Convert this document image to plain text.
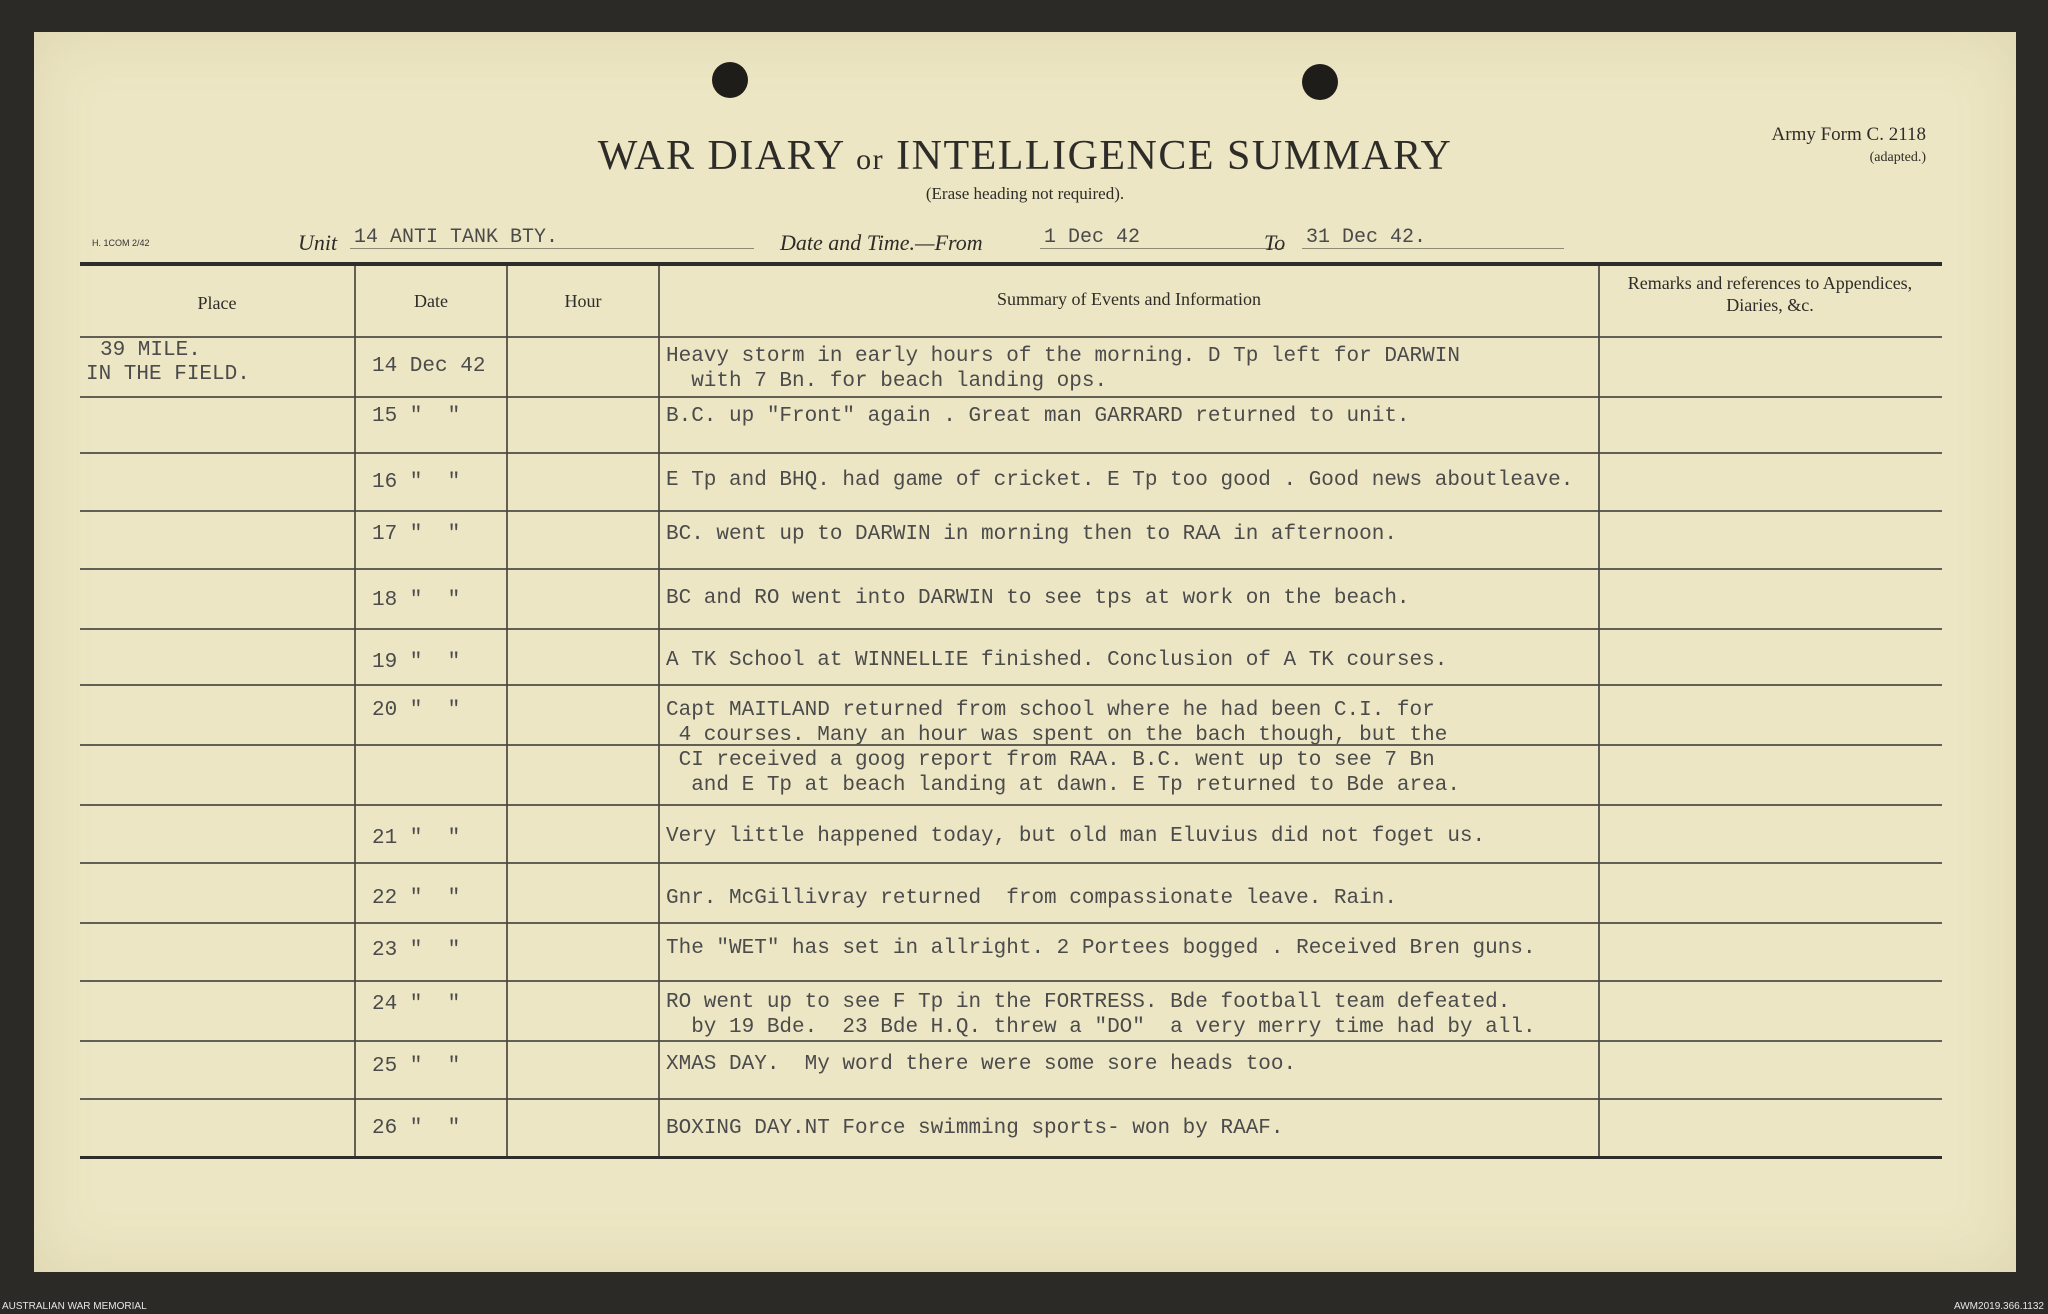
WAR DIARY or INTELLIGENCE SUMMARY
(Erase heading not required).
Army Form C. 2118
(adapted.)
H. 1COM 2/42	Unit 14 ANTI TANK BTY.	Date and Time.—From	1 Dec 42	To 31 Dec 42.
Place	Date	Hour	Summary of Events and Information
Remarks and references to Appendices, Diaries, &c.
39 MILE.
IN THE FIELD.	14 Dec 42	Heavy storm in early hours of the morning. D Tp left for DARWIN
with 7 Bn. for beach landing ops.
15 "  "	B.C. up "Front" again . Great man GARRARD returned to unit.
16 "  "	E Tp and BHQ. had game of cricket. E Tp too good . Good news aboutleave.
17 "  "	BC. went up to DARWIN in morning then to RAA in afternoon.
18 "  "	BC and RO went into DARWIN to see tps at work on the beach.
19 "  "	A TK School at WINNELLIE finished. Conclusion of A TK courses.
20 "  "	Capt MAITLAND returned from school where he had been C.I. for
4 courses. Many an hour was spent on the bach though, but the
CI received a goog report from RAA. B.C. went up to see 7 Bn
and E Tp at beach landing at dawn. E Tp returned to Bde area.
21 "  "	Very little happened today, but old man Eluvius did not foget us.
22 "  "	Gnr. McGillivray returned  from compassionate leave. Rain.
23 "  "	The "WET" has set in allright. 2 Portees bogged . Received Bren guns.
24 "  "	RO went up to see F Tp in the FORTRESS. Bde football team defeated.
by 19 Bde.  23 Bde H.Q. threw a "DO"  a very merry time had by all.
25 "  "	XMAS DAY.  My word there were some sore heads too.
26 "  "	BOXING DAY.NT Force swimming sports- won by RAAF.
AUSTRALIAN WAR MEMORIAL	AWM2019.366.1132
